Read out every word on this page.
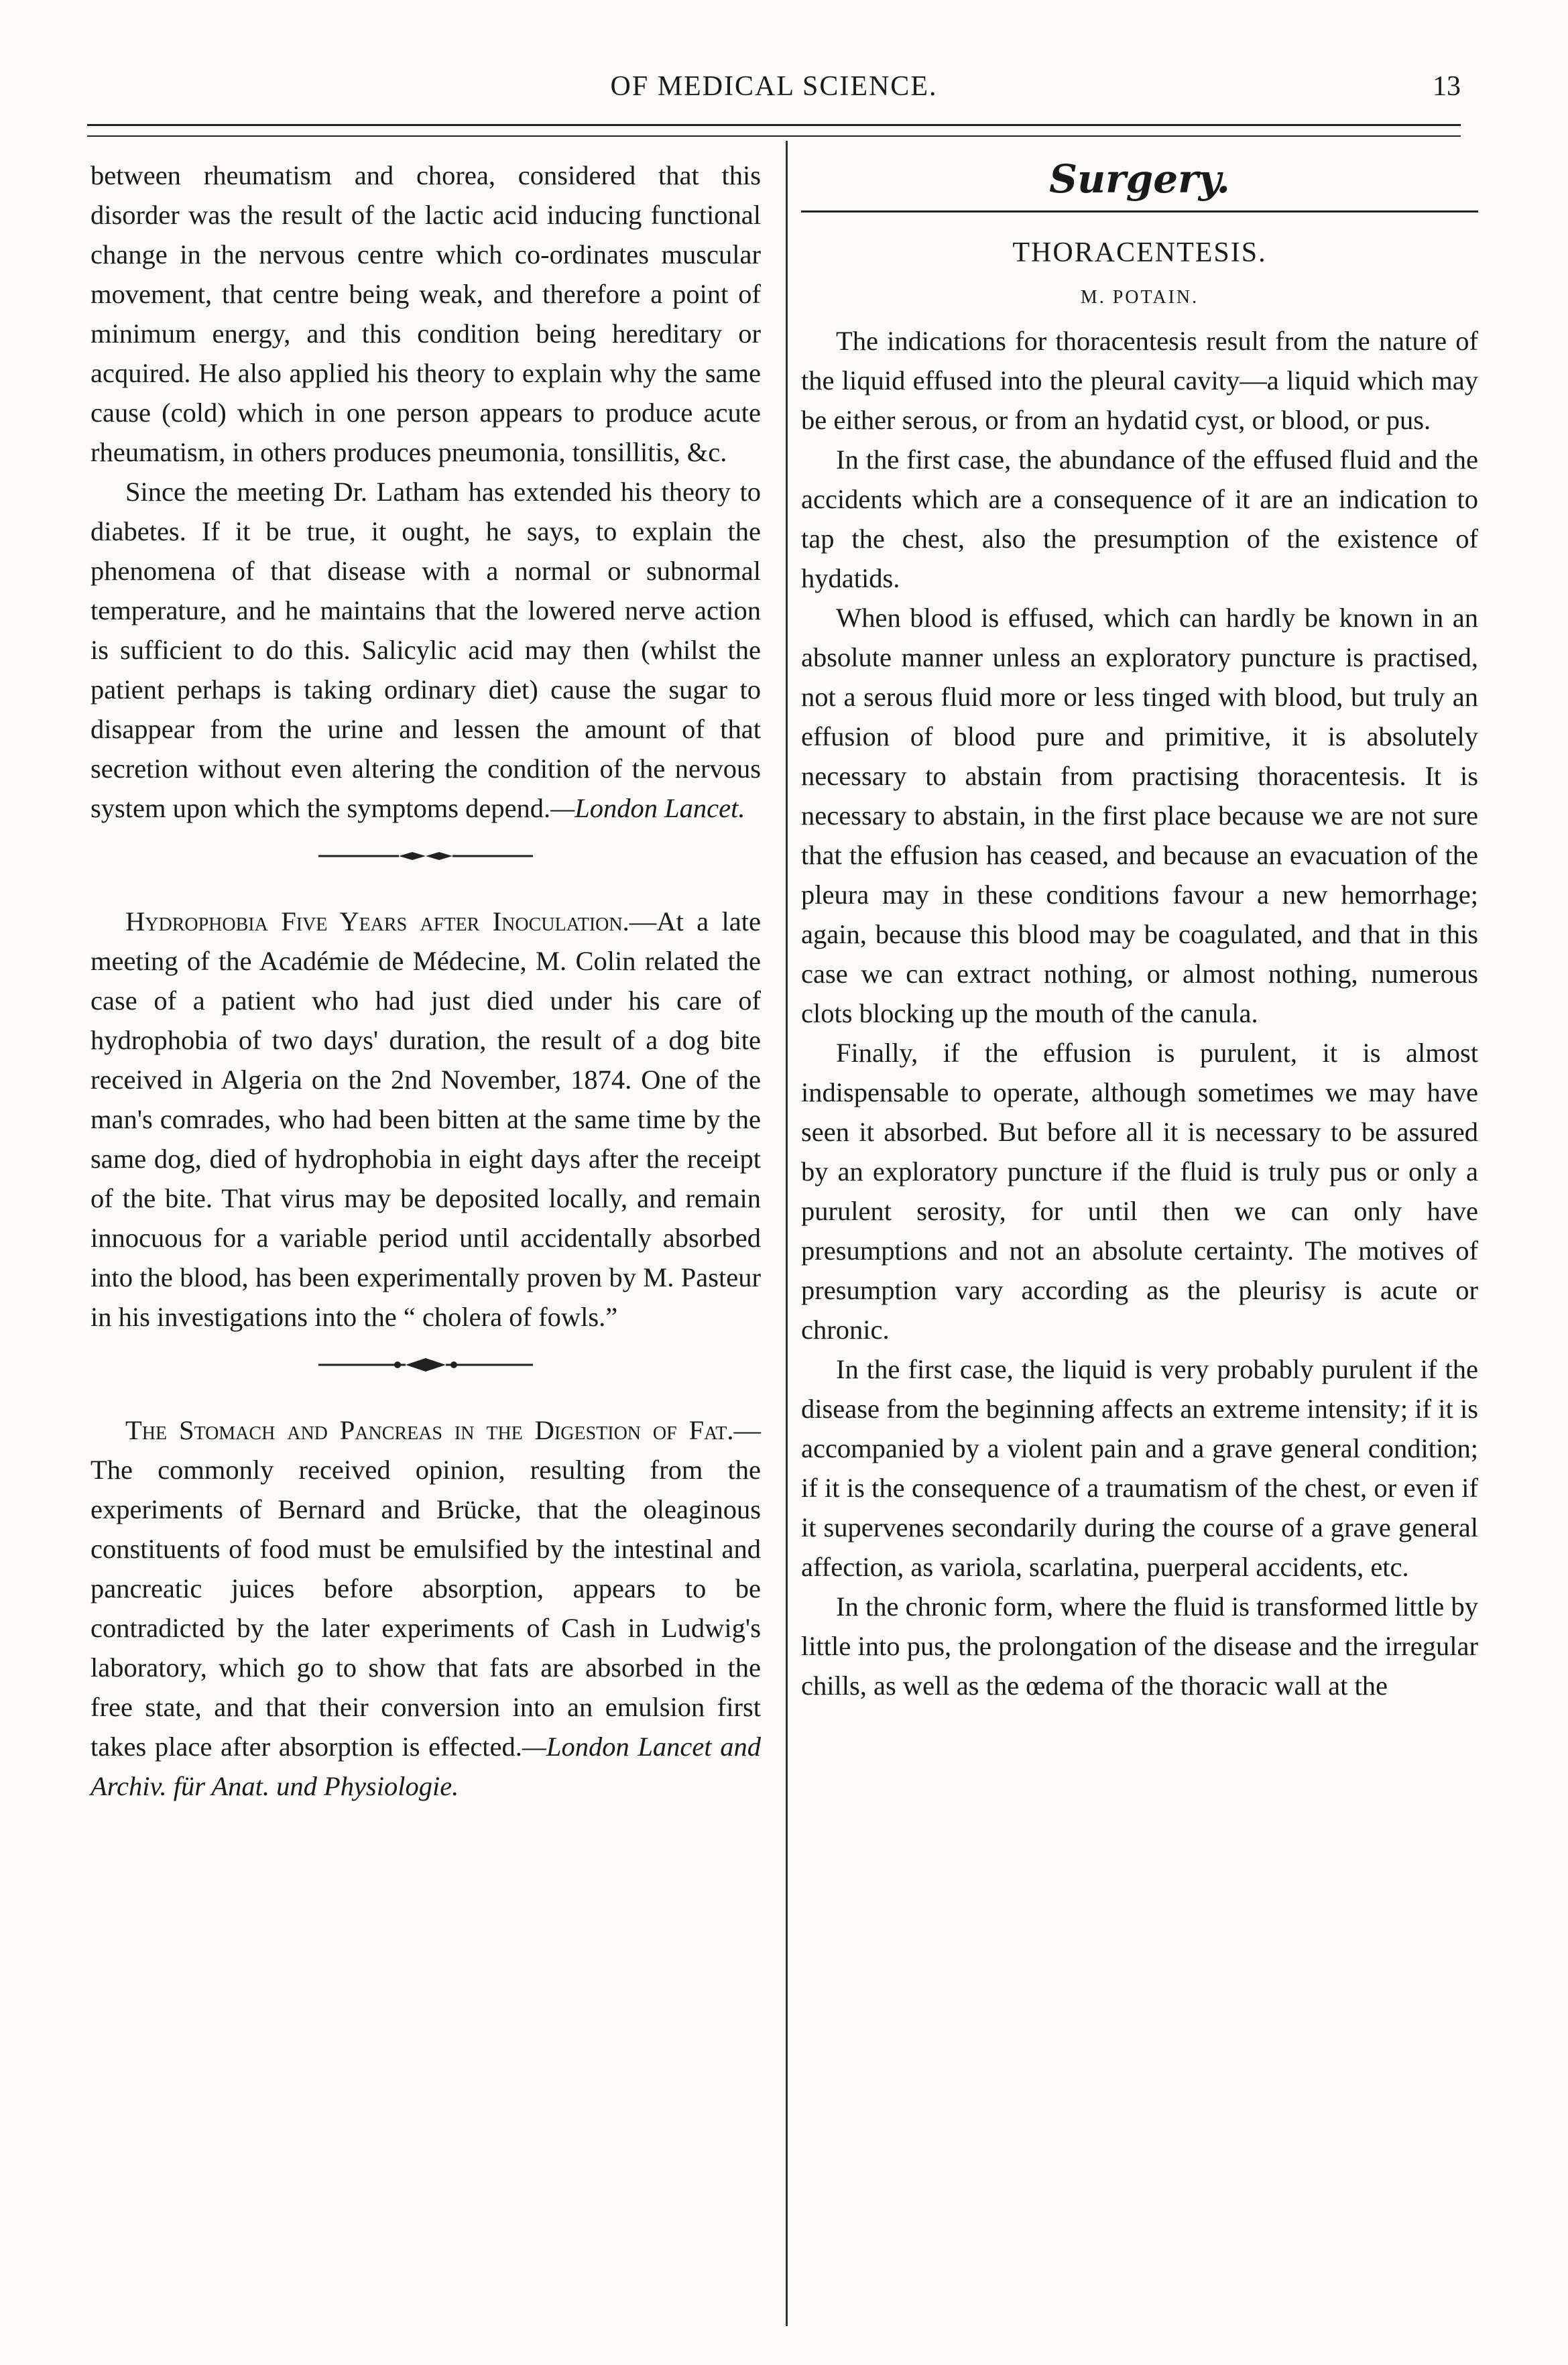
OF MEDICAL SCIENCE.	13

between rheumatism and chorea, considered that this disorder was the result of the lactic acid inducing functional change in the nervous centre which co-ordinates muscular movement, that centre being weak, and therefore a point of minimum energy, and this condition being hereditary or acquired. He also applied his theory to explain why the same cause (cold) which in one person appears to produce acute rheumatism, in others produces pneumonia, tonsillitis, &c.

Since the meeting Dr. Latham has extended his theory to diabetes. If it be true, it ought, he says, to explain the phenomena of that disease with a normal or subnormal temperature, and he maintains that the lowered nerve action is sufficient to do this. Salicylic acid may then (whilst the patient perhaps is taking ordinary diet) cause the sugar to disappear from the urine and lessen the amount of that secretion without even altering the condition of the nervous system upon which the symptoms depend.—London Lancet.

Hydrophobia Five Years after Inoculation.—At a late meeting of the Académie de Médecine, M. Colin related the case of a patient who had just died under his care of hydrophobia of two days' duration, the result of a dog bite received in Algeria on the 2nd November, 1874. One of the man's comrades, who had been bitten at the same time by the same dog, died of hydrophobia in eight days after the receipt of the bite. That virus may be deposited locally, and remain innocuous for a variable period until accidentally absorbed into the blood, has been experimentally proven by M. Pasteur in his investigations into the “ cholera of fowls.”

The Stomach and Pancreas in the Digestion of Fat.—The commonly received opinion, resulting from the experiments of Bernard and Brücke, that the oleaginous constituents of food must be emulsified by the intestinal and pancreatic juices before absorption, appears to be contradicted by the later experiments of Cash in Ludwig's laboratory, which go to show that fats are absorbed in the free state, and that their conversion into an emulsion first takes place after absorption is effected.—London Lancet and Archiv. für Anat. und Physiologie.

Surgery.
THORACENTESIS.
M. POTAIN.

The indications for thoracentesis result from the nature of the liquid effused into the pleural cavity—a liquid which may be either serous, or from an hydatid cyst, or blood, or pus.

In the first case, the abundance of the effused fluid and the accidents which are a consequence of it are an indication to tap the chest, also the presumption of the existence of hydatids.

When blood is effused, which can hardly be known in an absolute manner unless an exploratory puncture is practised, not a serous fluid more or less tinged with blood, but truly an effusion of blood pure and primitive, it is absolutely necessary to abstain from practising thoracentesis. It is necessary to abstain, in the first place because we are not sure that the effusion has ceased, and because an evacuation of the pleura may in these conditions favour a new hemorrhage; again, because this blood may be coagulated, and that in this case we can extract nothing, or almost nothing, numerous clots blocking up the mouth of the canula.

Finally, if the effusion is purulent, it is almost indispensable to operate, although sometimes we may have seen it absorbed. But before all it is necessary to be assured by an exploratory puncture if the fluid is truly pus or only a purulent serosity, for until then we can only have presumptions and not an absolute certainty. The motives of presumption vary according as the pleurisy is acute or chronic.

In the first case, the liquid is very probably purulent if the disease from the beginning affects an extreme intensity; if it is accompanied by a violent pain and a grave general condition; if it is the consequence of a traumatism of the chest, or even if it supervenes secondarily during the course of a grave general affection, as variola, scarlatina, puerperal accidents, etc.

In the chronic form, where the fluid is transformed little by little into pus, the prolongation of the disease and the irregular chills, as well as the œdema of the thoracic wall at the
